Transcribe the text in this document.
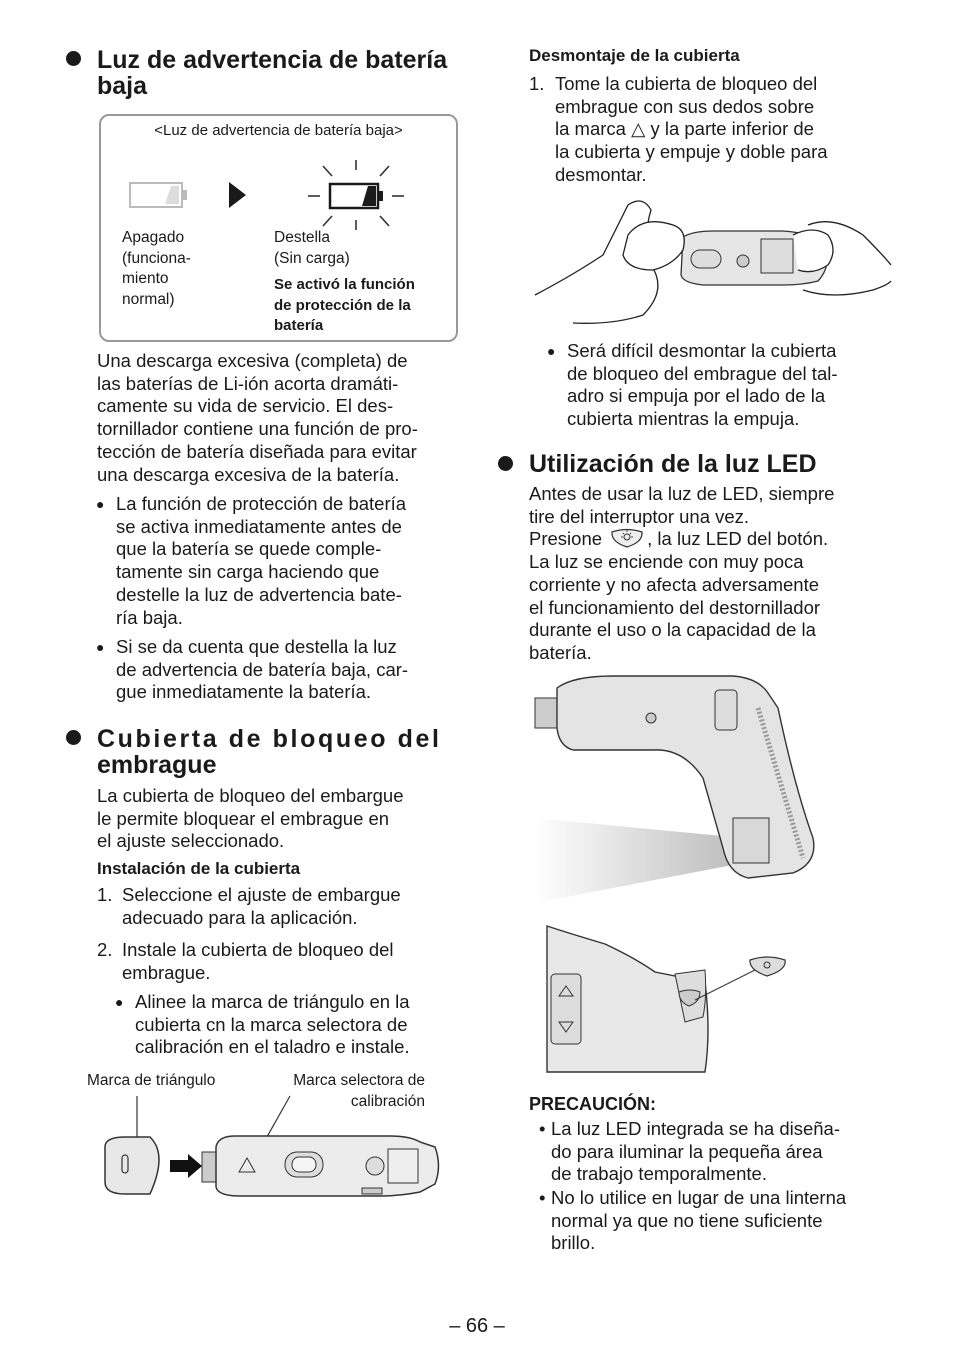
Luz de advertencia de batería baja
<Luz de advertencia de batería baja>
Apagado
(funciona-
miento
normal)
Destella
(Sin carga)
Se activó la función
de protección de la
batería
Una descarga excesiva (completa) de
las baterías de Li-ión acorta dramáti-
camente su vida de servicio. El des-
tornillador contiene una función de pro-
tección de batería diseñada para evitar
una descarga excesiva de la batería.
● La función de protección de batería
se activa inmediatamente antes de
que la batería se quede comple-
tamente sin carga haciendo que
destelle la luz de advertencia bate-
ría baja.
● Si se da cuenta que destella la luz
de advertencia de batería baja, car-
gue inmediatamente la batería.
Cubierta de bloqueo del
embrague
La cubierta de bloqueo del embargue
le permite bloquear el embrague en
el ajuste seleccionado.
Instalación de la cubierta
1. Seleccione el ajuste de embargue
adecuado para la aplicación.
2. Instale la cubierta de bloqueo del
embrague.
● Alinee la marca de triángulo en la
cubierta cn la marca selectora de
calibración en el taladro e instale.
Marca de triángulo	Marca selectora de
calibración
Desmontaje de la cubierta
1. Tome la cubierta de bloqueo del
embrague con sus dedos sobre
la marca △ y la parte inferior de
la cubierta y empuje y doble para
desmontar.
● Será difícil desmontar la cubierta
de bloqueo del embrague del tal-
adro si empuja por el lado de la
cubierta mientras la empuja.
Utilización de la luz LED
Antes de usar la luz de LED, siempre
tire del interruptor una vez.
Presione , la luz LED del botón.
La luz se enciende con muy poca
corriente y no afecta adversamente
el funcionamiento del destornillador
durante el uso o la capacidad de la
batería.
PRECAUCIÓN:
• La luz LED integrada se ha diseña-
do para iluminar la pequeña área
de trabajo temporalmente.
• No lo utilice en lugar de una linterna
normal ya que no tiene suficiente
brillo.
– 66 –
